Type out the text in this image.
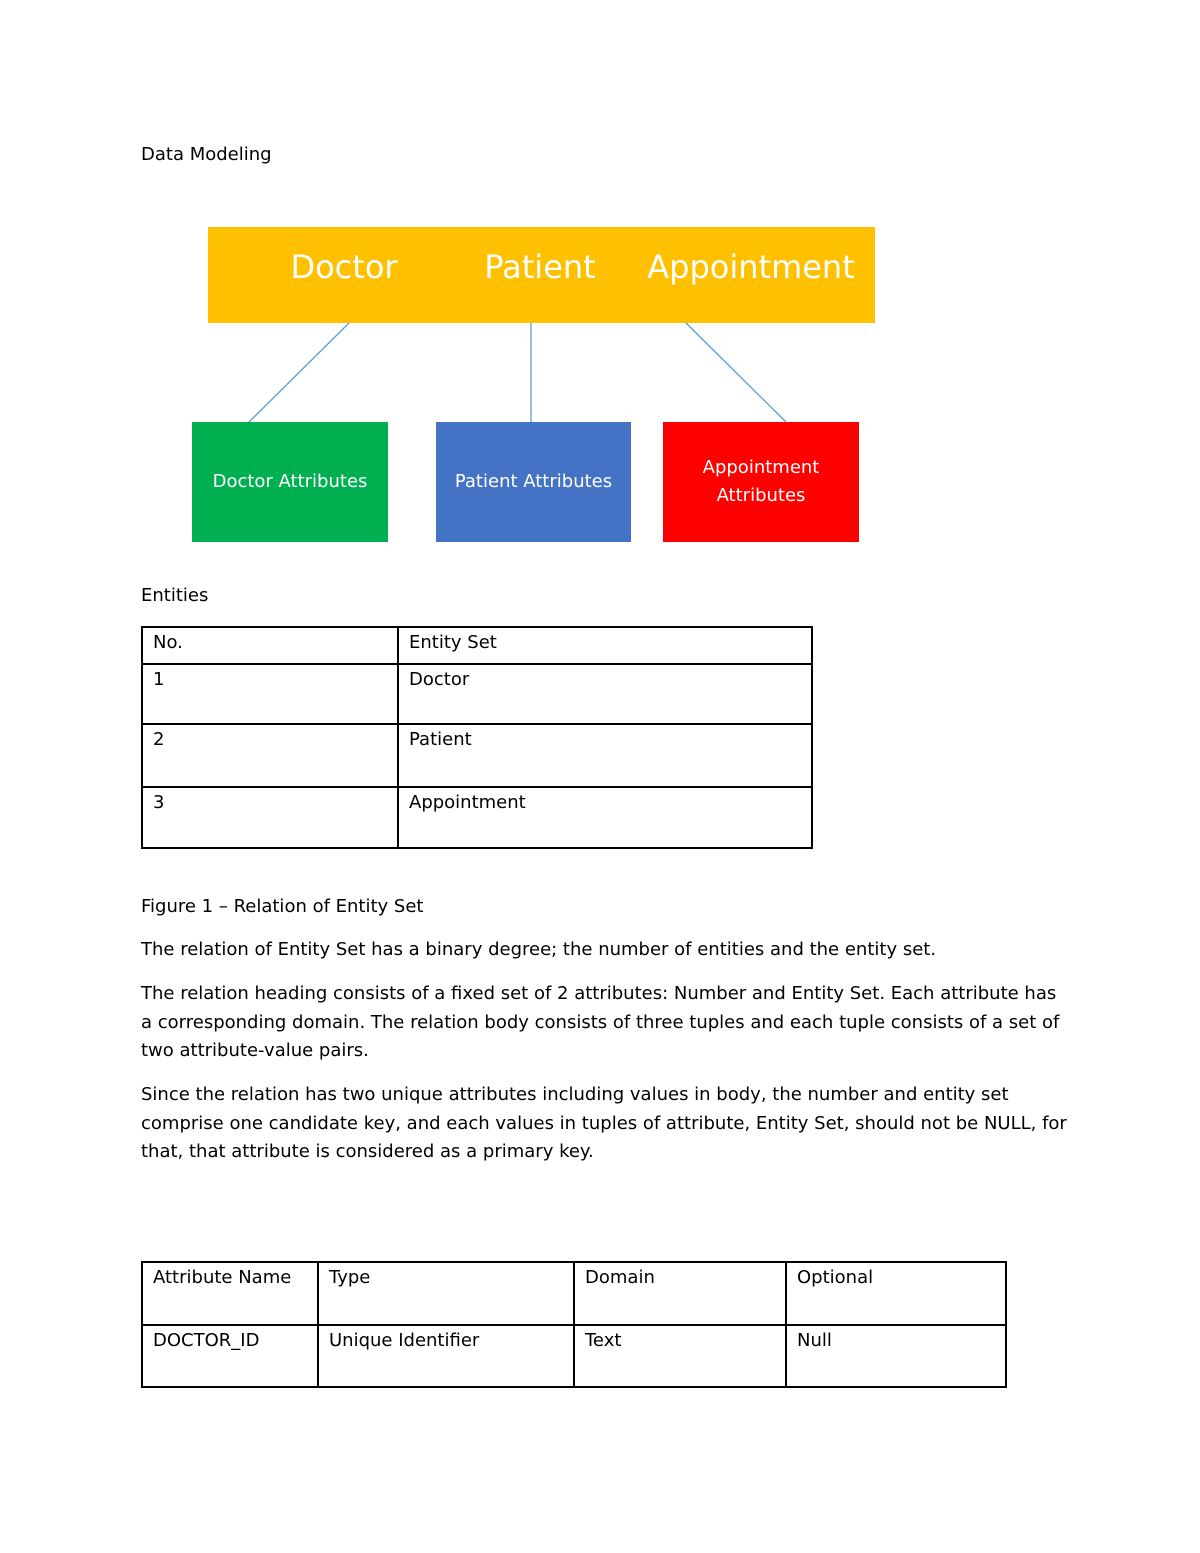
Data Modeling
Doctor	Patient	Appointment
Doctor Attributes	Patient Attributes
Appointment Attributes
Entities
No.	Entity Set
1	Doctor
2	Patient
3	Appointment
Figure 1 – Relation of Entity Set
The relation of Entity Set has a binary degree; the number of entities and the entity set.
The relation heading consists of a fixed set of 2 attributes: Number and Entity Set. Each attribute has a corresponding domain. The relation body consists of three tuples and each tuple consists of a set of two attribute-value pairs.
Since the relation has two unique attributes including values in body, the number and entity set comprise one candidate key, and each values in tuples of attribute, Entity Set, should not be NULL, for that, that attribute is considered as a primary key.
Attribute Name	Type	Domain	Optional
DOCTOR_ID	Unique Identifier	Text	Null
